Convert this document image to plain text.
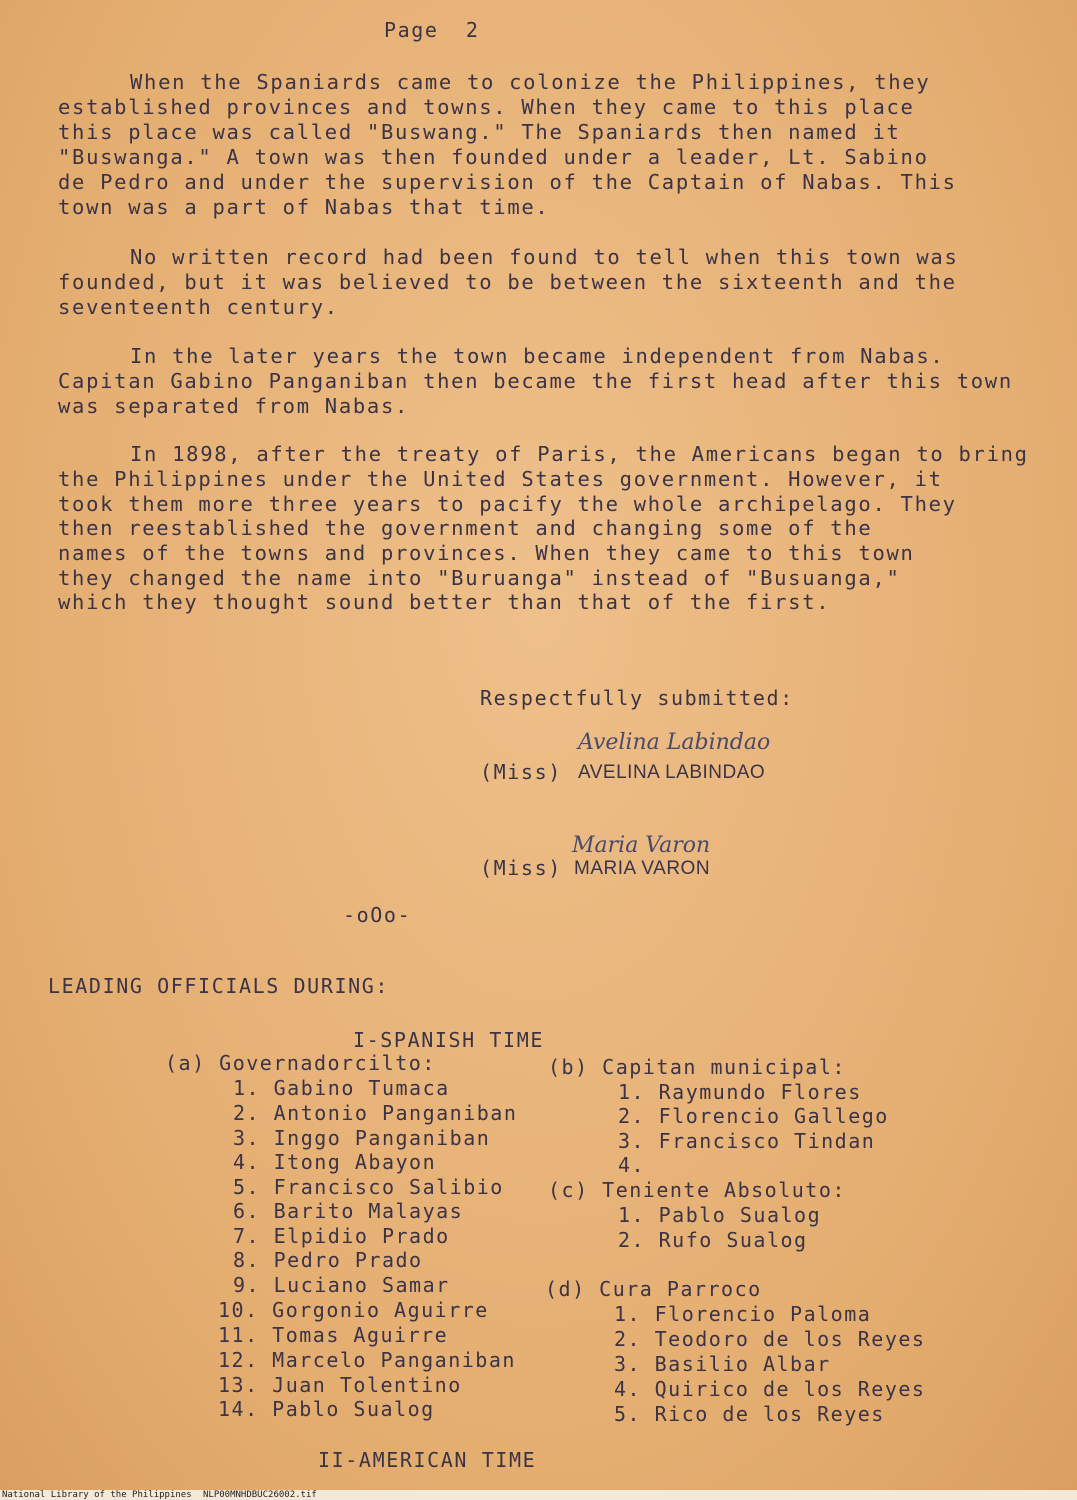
Page  2
When the Spaniards came to colonize the Philippines, they
established provinces and towns. When they came to this place
this place was called "Buswang." The Spaniards then named it
"Buswanga." A town was then founded under a leader, Lt. Sabino
de Pedro and under the supervision of the Captain of Nabas. This
town was a part of Nabas that time.
No written record had been found to tell when this town was
founded, but it was believed to be between the sixteenth and the
seventeenth century.
In the later years the town became independent from Nabas.
Capitan Gabino Panganiban then became the first head after this town
was separated from Nabas.
In 1898, after the treaty of Paris, the Americans began to bring
the Philippines under the United States government. However, it
took them more three years to pacify the whole archipelago. They
then reestablished the government and changing some of the
names of the towns and provinces. When they came to this town
they changed the name into "Buruanga" instead of "Busuanga,"
which they thought sound better than that of the first.
Respectfully submitted:
Avelina Labindao
(Miss) AVELINA LABINDAO
Maria Varon
(Miss) MARIA VARON
-oOo-
LEADING OFFICIALS DURING:
I-SPANISH TIME
(a) Governadorcilto:
1. Gabino Tumaca
2. Antonio Panganiban
3. Inggo Panganiban
4. Itong Abayon
5. Francisco Salibio
6. Barito Malayas
7. Elpidio Prado
8. Pedro Prado
9. Luciano Samar
10. Gorgonio Aguirre
11. Tomas Aguirre
12. Marcelo Panganiban
13. Juan Tolentino
14. Pablo Sualog
(b) Capitan municipal:
1. Raymundo Flores
2. Florencio Gallego
3. Francisco Tindan
4.
(c) Teniente Absoluto:
1. Pablo Sualog
2. Rufo Sualog
(d) Cura Parroco
1. Florencio Paloma
2. Teodoro de los Reyes
3. Basilio Albar
4. Quirico de los Reyes
5. Rico de los Reyes
II-AMERICAN TIME
National Library of the Philippines NLP00MNHDBUC26002.tif
